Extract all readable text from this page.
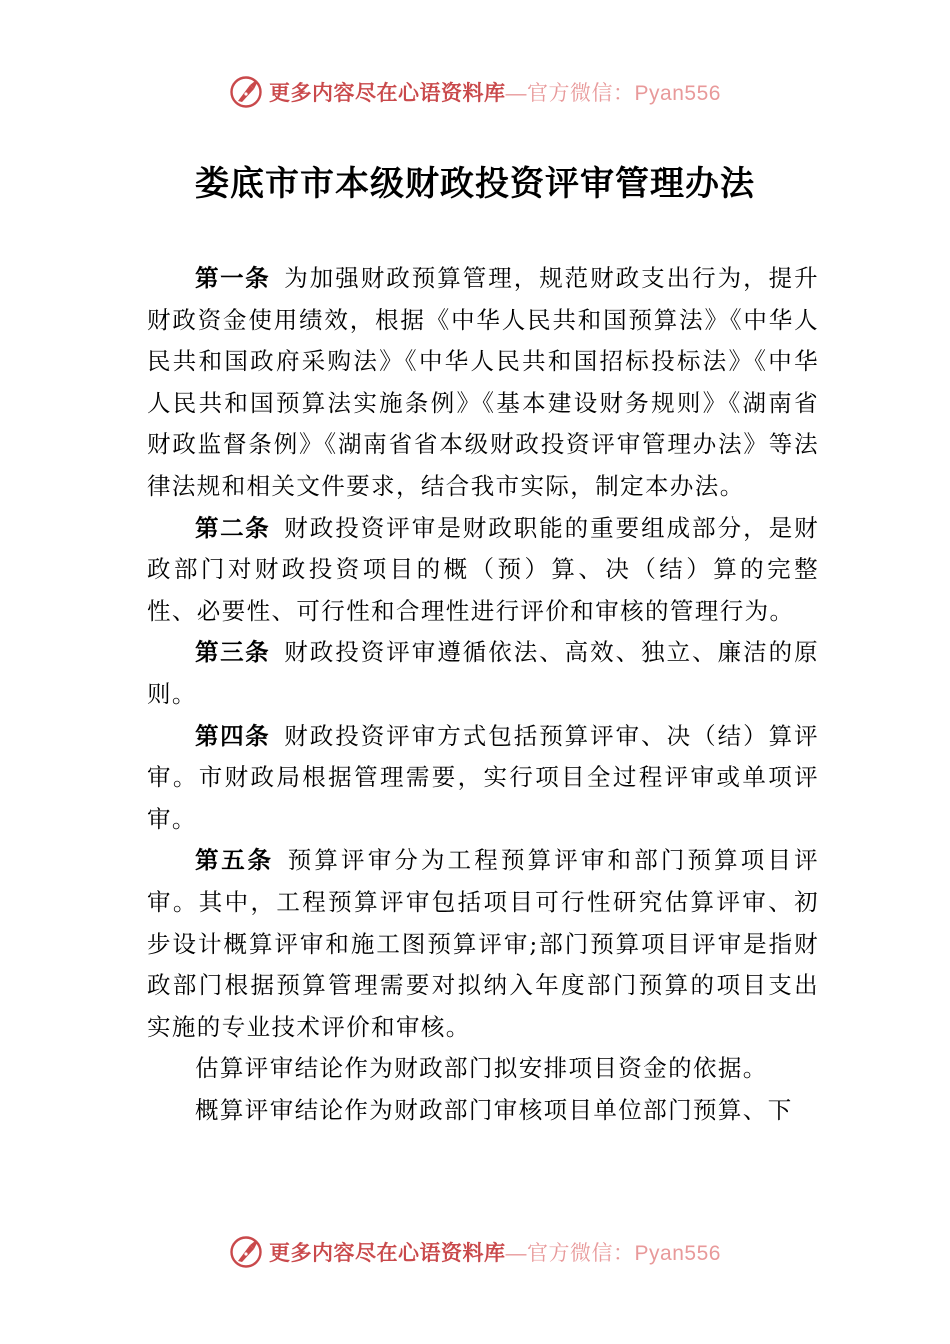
更多内容尽在心语资料库—官方微信：Pyan556
娄底市市本级财政投资评审管理办法

第一条 为加强财政预算管理，规范财政支出行为，提升财政资金使用绩效，根据《中华人民共和国预算法》《中华人民共和国政府采购法》《中华人民共和国招标投标法》《中华人民共和国预算法实施条例》《基本建设财务规则》《湖南省财政监督条例》《湖南省省本级财政投资评审管理办法》等法律法规和相关文件要求，结合我市实际，制定本办法。

第二条 财政投资评审是财政职能的重要组成部分，是财政部门对财政投资项目的概（预）算、决（结）算的完整性、必要性、可行性和合理性进行评价和审核的管理行为。

第三条 财政投资评审遵循依法、高效、独立、廉洁的原则。

第四条 财政投资评审方式包括预算评审、决（结）算评审。市财政局根据管理需要，实行项目全过程评审或单项评审。

第五条 预算评审分为工程预算评审和部门预算项目评审。其中，工程预算评审包括项目可行性研究估算评审、初步设计概算评审和施工图预算评审;部门预算项目评审是指财政部门根据预算管理需要对拟纳入年度部门预算的项目支出实施的专业技术评价和审核。

估算评审结论作为财政部门拟安排项目资金的依据。

概算评审结论作为财政部门审核项目单位部门预算、下

更多内容尽在心语资料库—官方微信：Pyan556
